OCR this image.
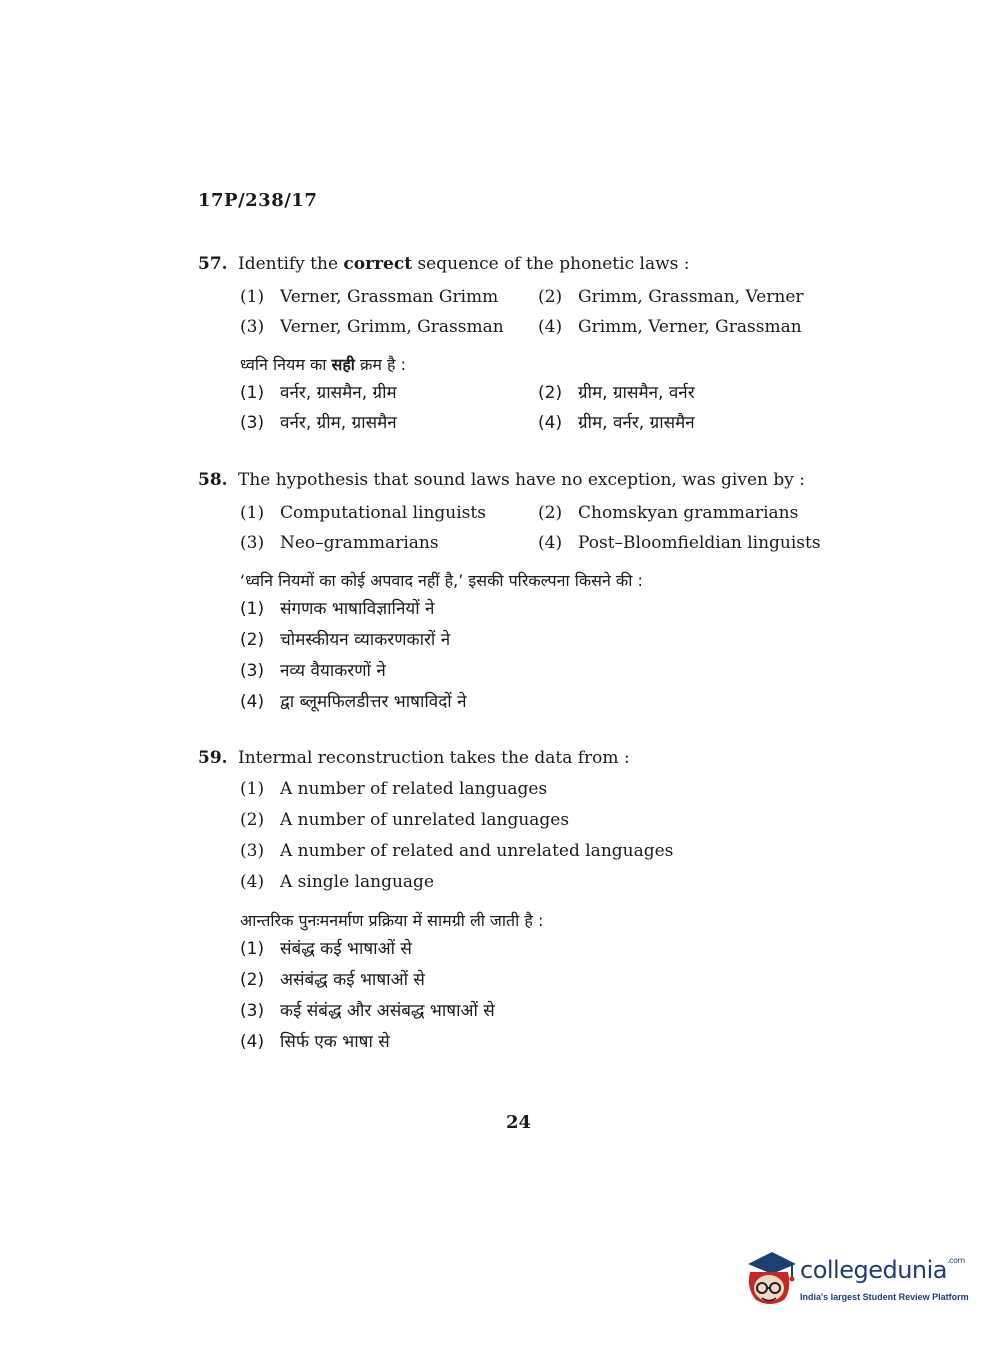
17P/238/17
57. Identify the correct sequence of the phonetic laws :
(1) Verner, Grassman Grimm	(2) Grimm, Grassman, Verner
(3) Verner, Grimm, Grassman	(4) Grimm, Verner, Grassman
ध्वनि नियम का सही क्रम है :
(1) वर्नर, ग्रासमैन, ग्रीम	(2) ग्रीम, ग्रासमैन, वर्नर
(3) वर्नर, ग्रीम, ग्रासमैन	(4) ग्रीम, वर्नर, ग्रासमैन
58. The hypothesis that sound laws have no exception, was given by :
(1) Computational linguists	(2) Chomskyan grammarians
(3) Neo–grammarians	(4) Post–Bloomfieldian linguists
‘ध्वनि नियमों का कोई अपवाद नहीं है,’ इसकी परिकल्पना किसने की :
(1) संगणक भाषाविज्ञानियों ने
(2) चोमस्कीयन व्याकरणकारों ने
(3) नव्य वैयाकरणों ने
(4) द्वा ब्लूमफिलडीत्तर भाषाविदों ने
59. Intermal reconstruction takes the data from :
(1) A number of related languages
(2) A number of unrelated languages
(3) A number of related and unrelated languages
(4) A single language
आन्तरिक पुनःमनर्माण प्रक्रिया में सामग्री ली जाती है :
(1) संबंद्ध कई भाषाओं से
(2) असंबंद्ध कई भाषाओं से
(3) कई संबंद्ध और असंबद्ध भाषाओं से
(4) सिर्फ एक भाषा से
24
collegedunia$^{.com}$
India's largest Student Review Platform
